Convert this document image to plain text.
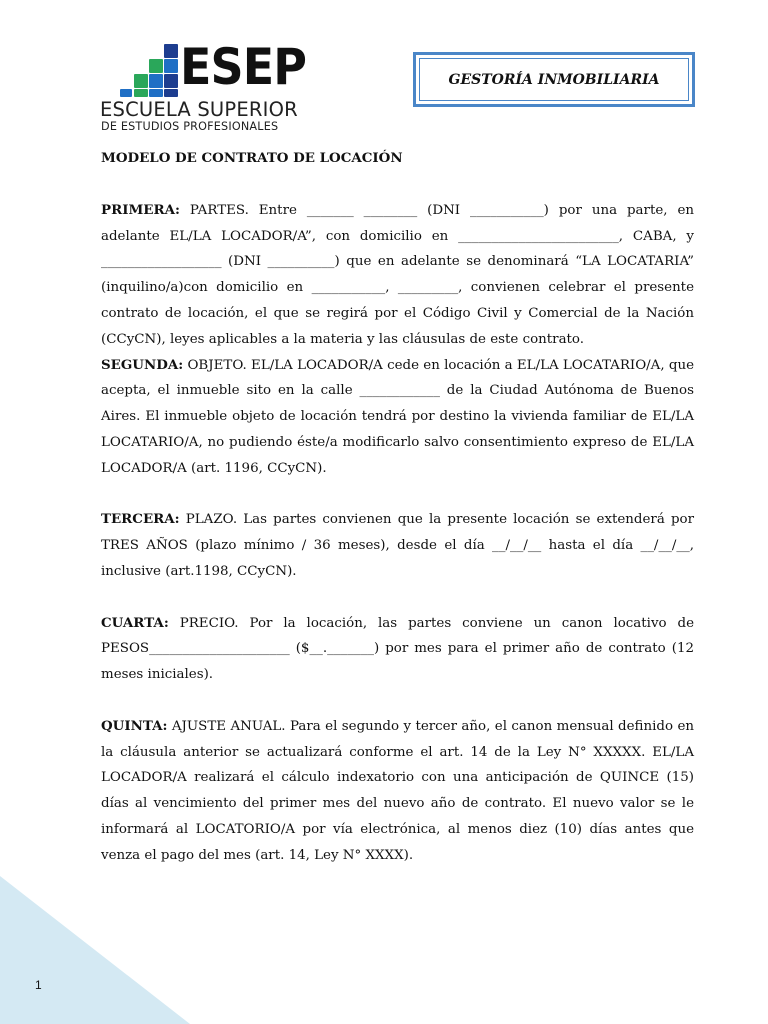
ESEP
ESCUELA SUPERIOR
DE ESTUDIOS PROFESIONALES
GESTORÍA INMOBILIARIA
MODELO DE CONTRATO DE LOCACIÓN

PRIMERA: PARTES. Entre _______ ________ (DNI ___________) por una parte, en adelante EL/LA LOCADOR/A”, con domicilio en ________________________, CABA, y __________________ (DNI __________) que en adelante se denominará “LA LOCATARIA” (inquilino/a)con domicilio en ___________, _________, convienen celebrar el presente contrato de locación, el que se regirá por el Código Civil y Comercial de la Nación (CCyCN), leyes aplicables a la materia y las cláusulas de este contrato.

SEGUNDA: OBJETO. EL/LA LOCADOR/A cede en locación a EL/LA LOCATARIO/A, que acepta, el inmueble sito en la calle ____________ de la Ciudad Autónoma de Buenos Aires. El inmueble objeto de locación tendrá por destino la vivienda familiar de EL/LA LOCATARIO/A, no pudiendo éste/a modificarlo salvo consentimiento expreso de EL/LA LOCADOR/A (art. 1196, CCyCN).

TERCERA: PLAZO. Las partes convienen que la presente locación se extenderá por TRES AÑOS (plazo mínimo / 36 meses), desde el día __/__/__ hasta el día __/__/__, inclusive (art.1198, CCyCN).

CUARTA: PRECIO. Por la locación, las partes conviene un canon locativo de PESOS_____________________ ($__._______) por mes para el primer año de contrato (12 meses iniciales).

QUINTA: AJUSTE ANUAL. Para el segundo y tercer año, el canon mensual definido en la cláusula anterior se actualizará conforme el art. 14 de la Ley N° XXXXX. EL/LA LOCADOR/A realizará el cálculo indexatorio con una anticipación de QUINCE (15) días al vencimiento del primer mes del nuevo año de contrato. El nuevo valor se le informará al LOCATORIO/A por vía electrónica, al menos diez (10) días antes que venza el pago del mes (art. 14, Ley N° XXXX).

1
